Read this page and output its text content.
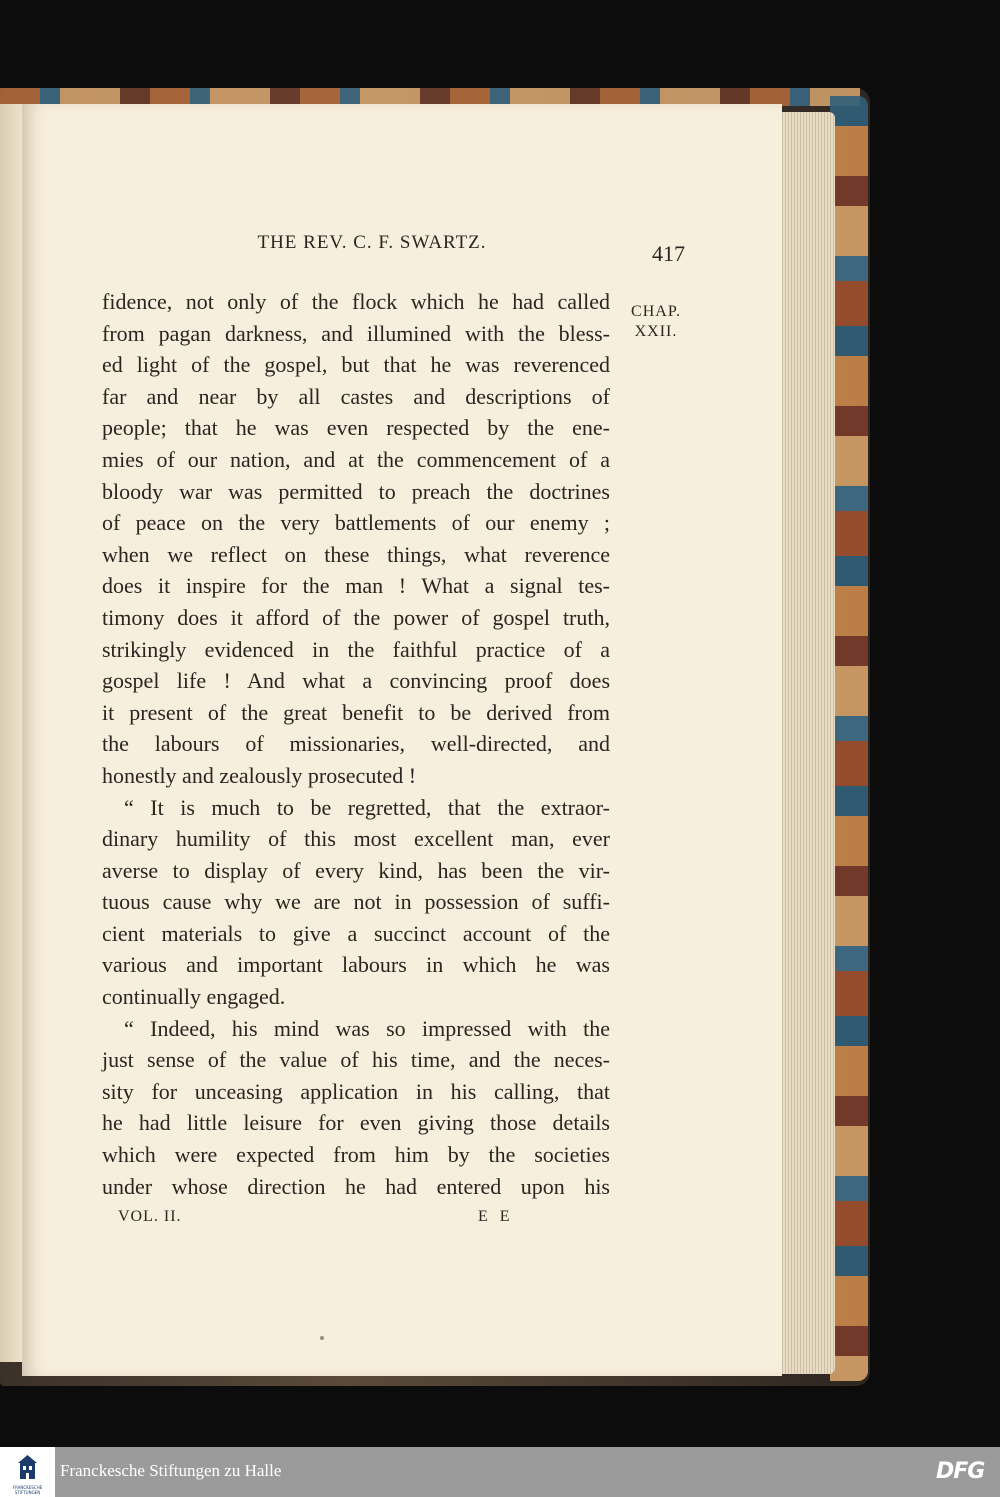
THE REV. C. F. SWARTZ.	417
CHAP.
XXII.
fidence, not only of the flock which he had called
from pagan darkness, and illumined with the bless-
ed light of the gospel, but that he was reverenced
far and near by all castes and descriptions of
people; that he was even respected by the ene-
mies of our nation, and at the commencement of a
bloody war was permitted to preach the doctrines
of peace on the very battlements of our enemy ;
when we reflect on these things, what reverence
does it inspire for the man ! What a signal tes-
timony does it afford of the power of gospel truth,
strikingly evidenced in the faithful practice of a
gospel life ! And what a convincing proof does
it present of the great benefit to be derived from
the labours of missionaries, well-directed, and
honestly and zealously prosecuted !
“ It is much to be regretted, that the extraor-
dinary humility of this most excellent man, ever
averse to display of every kind, has been the vir-
tuous cause why we are not in possession of suffi-
cient materials to give a succinct account of the
various and important labours in which he was
continually engaged.
“ Indeed, his mind was so impressed with the
just sense of the value of his time, and the neces-
sity for unceasing application in his calling, that
he had little leisure for even giving those details
which were expected from him by the societies
under whose direction he had entered upon his
VOL. II.	E E
FRANCKESCHE
STIFTUNGEN
Franckesche Stiftungen zu Halle	DFG
